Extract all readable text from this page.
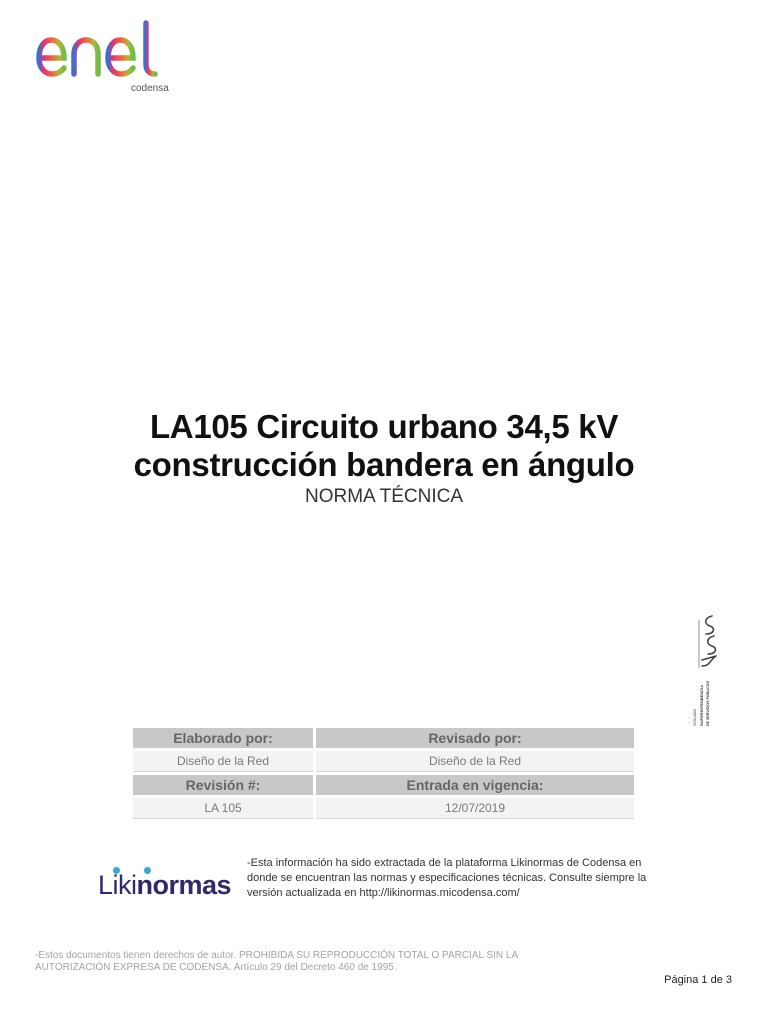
codensa
LA105 Circuito urbano 34,5 kV
construcción bandera en ángulo
NORMA TÉCNICA
VIGILADO SUPERINTENDENCIA DE SERVICIOS PÚBLICOS
Elaborado por:	Revisado por:
Diseño de la Red	Diseño de la Red
Revisión #:	Entrada en vigencia:
LA 105	12/07/2019
Likinormas
-Esta información ha sido extractada de la plataforma Likinormas de Codensa en donde se encuentran las normas y especificaciones técnicas. Consulte siempre la versión actualizada en http://likinormas.micodensa.com/
-Estos documentos tienen derechos de autor. PROHIBIDA SU REPRODUCCIÓN TOTAL O PARCIAL SIN LA AUTORIZACIÓN EXPRESA DE CODENSA. Artículo 29 del Decreto 460 de 1995.
Página 1 de 3
